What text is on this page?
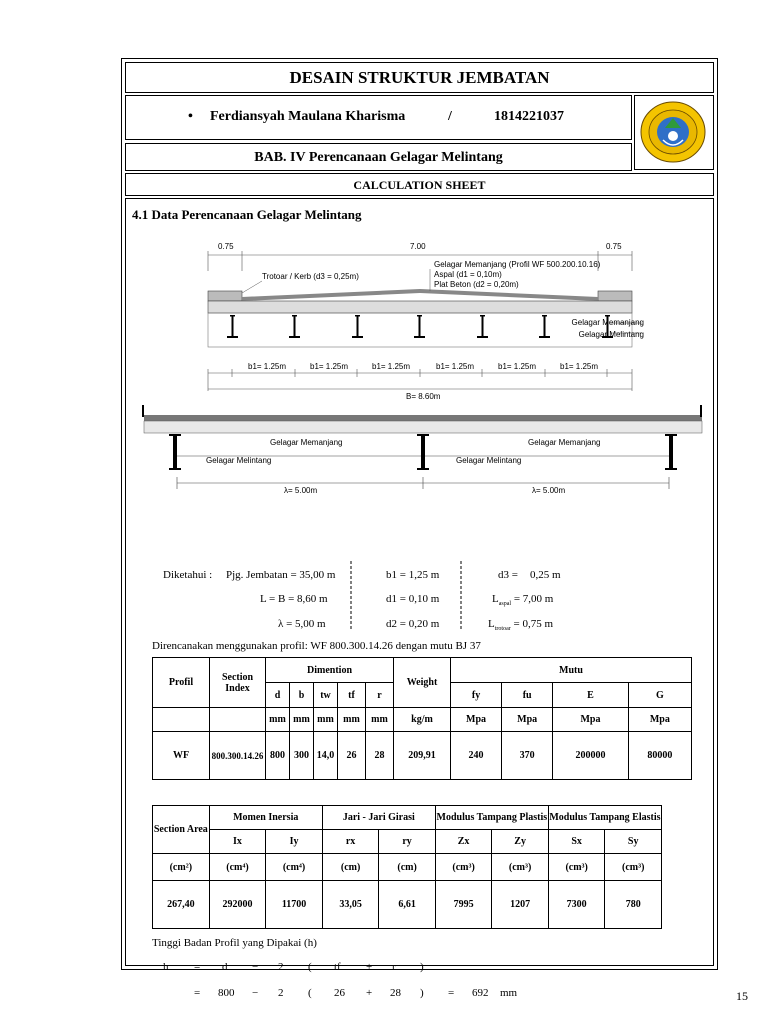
DESAIN STRUKTUR JEMBATAN
• Ferdiansyah Maulana Kharisma	/	1814221037
BAB. IV Perencanaan Gelagar Melintang
CALCULATION SHEET
4.1 Data Perencanaan Gelagar Melintang
0.75	7.00	0.75
Gelagar Memanjang (Profil WF 500.200.10.16)
Aspal (d1 = 0,10m)
Plat Beton (d2 = 0,20m)
Trotoar / Kerb (d3 = 0,25m)
Gelagar Memanjang
Gelagar Melintang
b1= 1.25m	b1= 1.25m	b1= 1.25m	b1= 1.25m	b1= 1.25m	b1= 1.25m
B= 8.60m
Gelagar Memanjang	Gelagar Memanjang
Gelagar Melintang	Gelagar Melintang
λ= 5.00m	λ= 5.00m
Diketahui : Pjg. Jembatan = 35,00 m
L = B = 8,60 m
λ = 5,00 m
b1 = 1,25 m
d1 = 0,10 m
d2 = 0,20 m
d3 = 0,25 m
$L_{aspal} = 7,00$ m
$L_{trotoar} = 0,75$ m
Direncanakan menggunakan profil: WF 800.300.14.26 dengan mutu BJ 37
Profil	Section Index	Dimention					Weight	Mutu			
		d	b	tw	tf	r		fy	fu	E	G
		mm	mm	mm	mm	mm	kg/m	Mpa	Mpa	Mpa	Mpa
WF	800.300.14.26	800	300	14,0	26	28	209,91	240	370	200000	80000
Section Area	Momen Inersia		Jari - Jari Girasi		Modulus Tampang Plastis		Modulus Tampang Elastis	
	Ix	Iy	rx	ry	Zx	Zy	Sx	Sy
(cm²)	(cm⁴)	(cm⁴)	(cm)	(cm)	(cm³)	(cm³)	(cm³)	(cm³)
267,40	292000	11700	33,05	6,61	7995	1207	7300	780
Tinggi Badan Profil yang Dipakai (h)
h = d − 2 ( tf + r )
= 800 − 2 ( 26 + 28 ) = 692 mm	15
